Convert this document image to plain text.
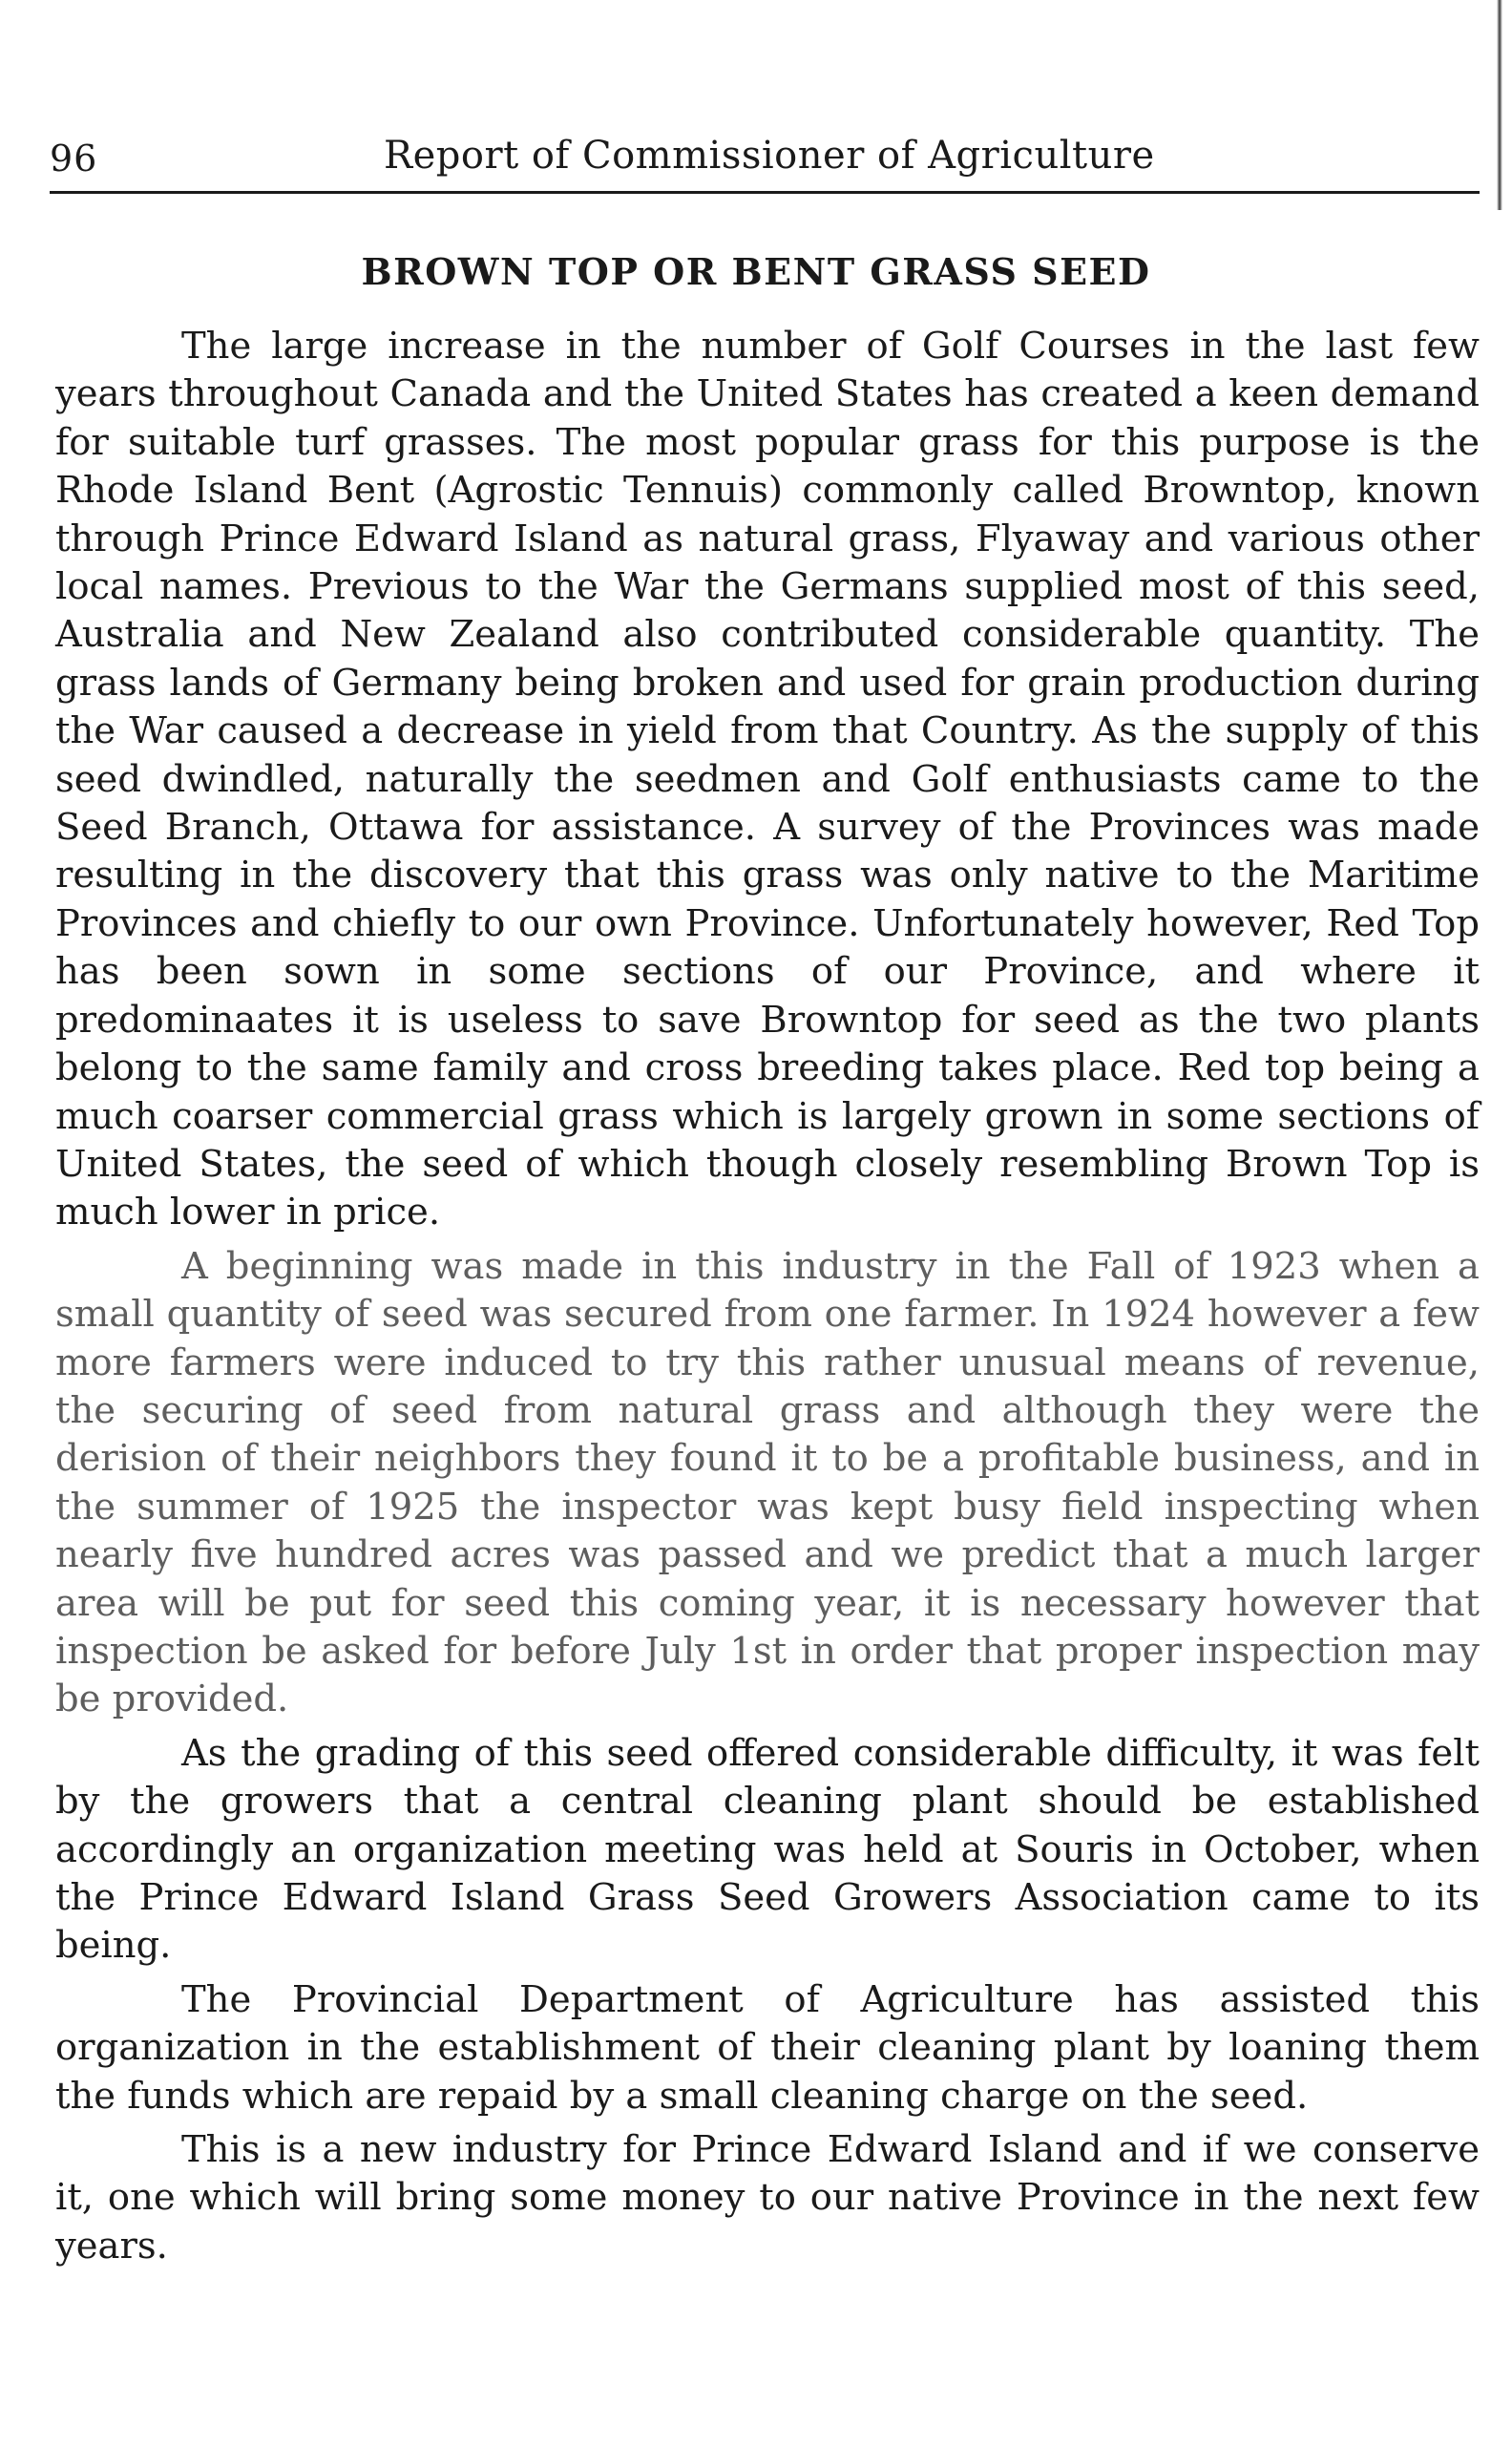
96	Report of Commissioner of Agriculture
BROWN TOP OR BENT GRASS SEED

The large increase in the number of Golf Courses in the last few years throughout Canada and the United States has created a keen demand for suitable turf grasses. The most popular grass for this purpose is the Rhode Island Bent (Agrostic Tennuis) commonly called Browntop, known through Prince Edward Island as natural grass, Flyaway and various other local names. Previous to the War the Germans supplied most of this seed, Australia and New Zealand also contributed considerable quantity. The grass lands of Germany being broken and used for grain production during the War caused a decrease in yield from that Country. As the supply of this seed dwindled, naturally the seedmen and Golf enthusiasts came to the Seed Branch, Ottawa for assistance. A survey of the Provinces was made resulting in the discovery that this grass was only native to the Maritime Provinces and chiefly to our own Province. Unfortunately however, Red Top has been sown in some sections of our Province, and where it predominaates it is useless to save Browntop for seed as the two plants belong to the same family and cross breeding takes place. Red top being a much coarser commercial grass which is largely grown in some sections of United States, the seed of which though closely resembling Brown Top is much lower in price.

A beginning was made in this industry in the Fall of 1923 when a small quantity of seed was secured from one farmer. In 1924 however a few more farmers were induced to try this rather unusual means of revenue, the securing of seed from natural grass and although they were the derision of their neighbors they found it to be a profitable business, and in the summer of 1925 the inspector was kept busy field inspecting when nearly five hundred acres was passed and we predict that a much larger area will be put for seed this coming year, it is necessary however that inspection be asked for before July 1st in order that proper inspection may be provided.

As the grading of this seed offered considerable difficulty, it was felt by the growers that a central cleaning plant should be established accordingly an organization meeting was held at Souris in October, when the Prince Edward Island Grass Seed Growers Association came to its being.

The Provincial Department of Agriculture has assisted this organization in the establishment of their cleaning plant by loaning them the funds which are repaid by a small cleaning charge on the seed.

This is a new industry for Prince Edward Island and if we conserve it, one which will bring some money to our native Province in the next few years.
